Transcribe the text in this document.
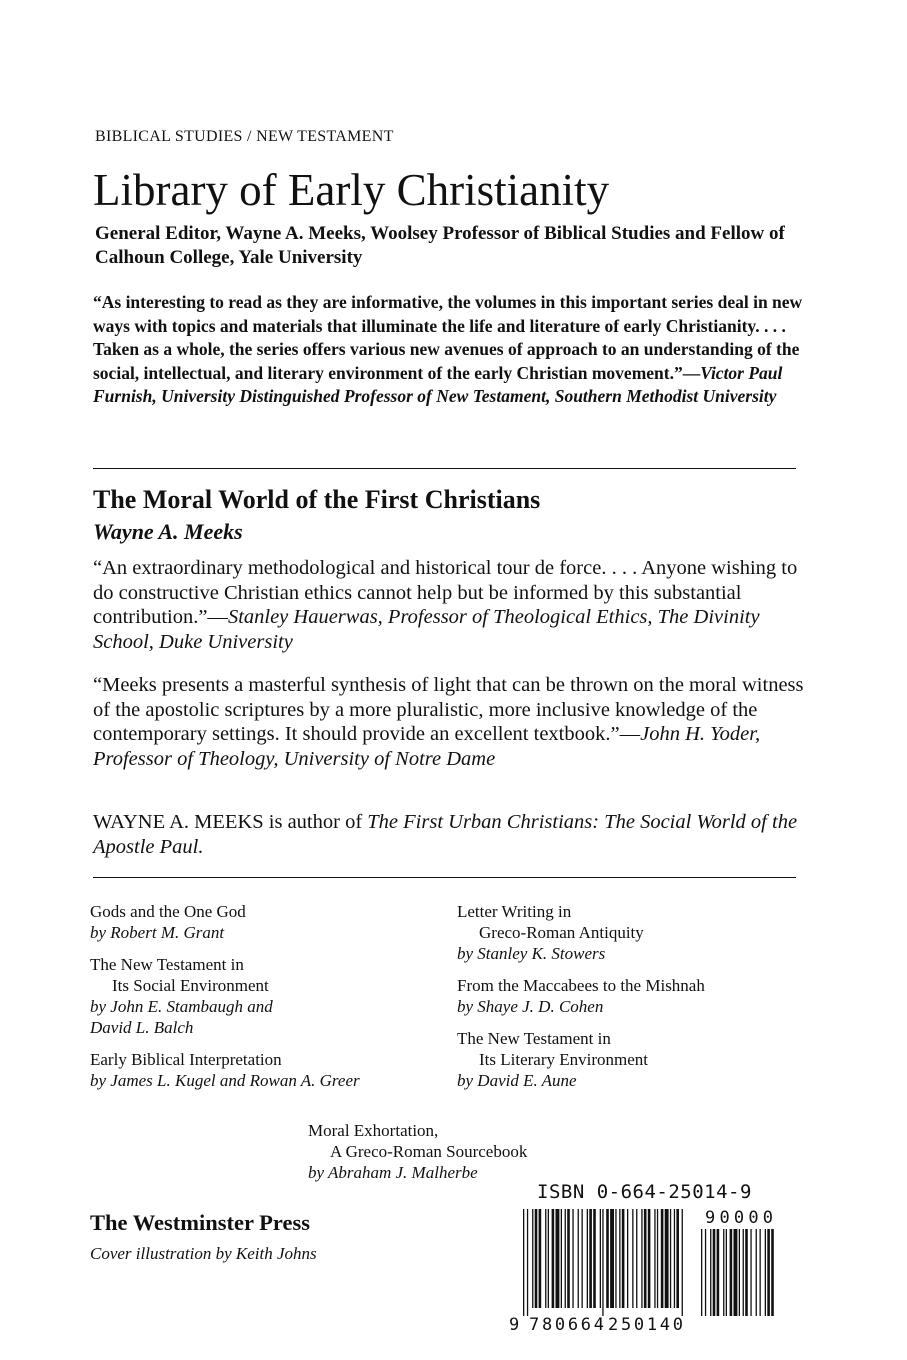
BIBLICAL STUDIES / NEW TESTAMENT
Library of Early Christianity
General Editor, Wayne A. Meeks, Woolsey Professor of Biblical Studies and Fellow of Calhoun College, Yale University
“As interesting to read as they are informative, the volumes in this important series deal in new ways with topics and materials that illuminate the life and literature of early Christianity. . . . Taken as a whole, the series offers various new avenues of approach to an understanding of the social, intellectual, and literary environment of the early Christian movement.”—Victor Paul Furnish, University Distinguished Professor of New Testament, Southern Methodist University
The Moral World of the First Christians
Wayne A. Meeks
“An extraordinary methodological and historical tour de force. . . . Anyone wishing to do constructive Christian ethics cannot help but be informed by this substantial contribution.”—Stanley Hauerwas, Professor of Theological Ethics, The Divinity School, Duke University
“Meeks presents a masterful synthesis of light that can be thrown on the moral witness of the apostolic scriptures by a more pluralistic, more inclusive knowledge of the contemporary settings. It should provide an excellent textbook.”—John H. Yoder, Professor of Theology, University of Notre Dame
WAYNE A. MEEKS is author of The First Urban Christians: The Social World of the Apostle Paul.
Gods and the One God
by Robert M. Grant
The New Testament in
Its Social Environment
by John E. Stambaugh and David L. Balch
Early Biblical Interpretation
by James L. Kugel and Rowan A. Greer
Letter Writing in
Greco-Roman Antiquity
by Stanley K. Stowers
From the Maccabees to the Mishnah
by Shaye J. D. Cohen
The New Testament in
Its Literary Environment
by David E. Aune
Moral Exhortation,
A Greco-Roman Sourcebook
by Abraham J. Malherbe
The Westminster Press
Cover illustration by Keith Johns
ISBN 0-664-25014-9
9 780664 250140
90000
